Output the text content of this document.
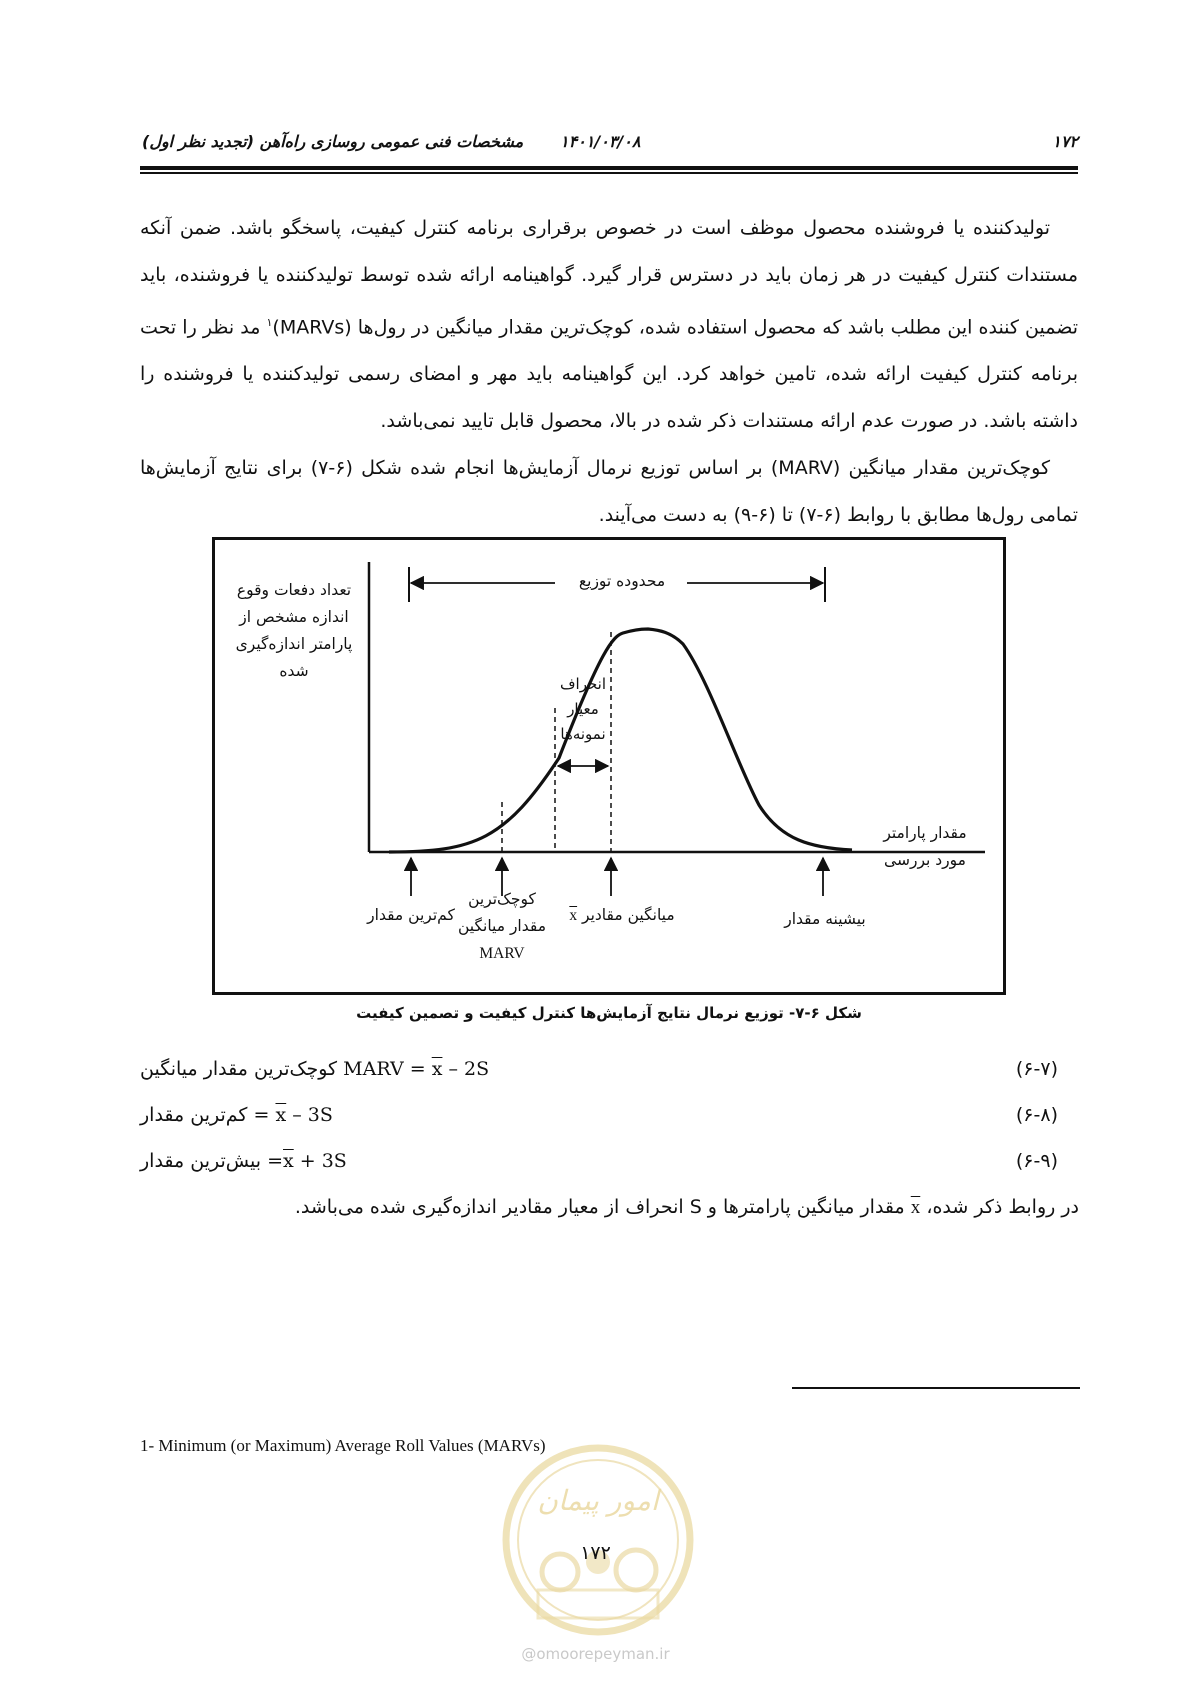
۱۷۲
۱۴۰۱/۰۳/۰۸
مشخصات فنی عمومی روسازی راه‌آهن (تجدید نظر اول)

تولیدکننده یا فروشنده محصول موظف است در خصوص برقراری برنامه کنترل کیفیت، پاسخگو باشد. ضمن آنکه مستندات کنترل کیفیت در هر زمان باید در دسترس قرار گیرد. گواهینامه ارائه شده توسط تولیدکننده یا فروشنده، باید تضمین کننده این مطلب باشد که محصول استفاده شده، کوچک‌ترین مقدار میانگین در رول‌ها (MARVs)$^۱$ مد نظر را تحت برنامه کنترل کیفیت ارائه شده، تامین خواهد کرد. این گواهینامه باید مهر و امضای رسمی تولیدکننده یا فروشنده را داشته باشد. در صورت عدم ارائه مستندات ذکر شده در بالا، محصول قابل تایید نمی‌باشد.

کوچک‌ترین مقدار میانگین (MARV) بر اساس توزیع نرمال آزمایش‌ها انجام شده شکل (۶-۷) برای نتایج آزمایش‌ها تمامی رول‌ها مطابق با روابط (۶-۷) تا (۶-۹) به دست می‌آیند.

محدوده توزیع
تعداد دفعات وقوع
اندازه مشخص از
پارامتر اندازه‌گیری
شده
مقدار پارامتر
مورد بررسی
انحراف
معیار
نمونه‌ها
کم‌ترین مقدار
کوچک‌ترین
مقدار میانگین
MARV
میانگین مقادیر x	بیشینه مقدار
شکل ۶-۷- توزیع نرمال نتایج آزمایش‌ها کنترل کیفیت و تصمین کیفیت
(۶-۷)
MARV = $\overline{x} - 2S$ کوچک‌ترین مقدار میانگین
(۶-۸)
= $\overline{x} - 3S$ کم‌ترین مقدار
(۶-۹)
$=\overline{x} + 3S$ بیش‌ترین مقدار
در روابط ذکر شده، x مقدار میانگین پارامترها و S انحراف از معیار مقادیر اندازه‌گیری شده می‌باشد.
1- Minimum (or Maximum) Average Roll Values (MARVs)
امور پیمان
۱۷۲
@omoorepeyman.ir
